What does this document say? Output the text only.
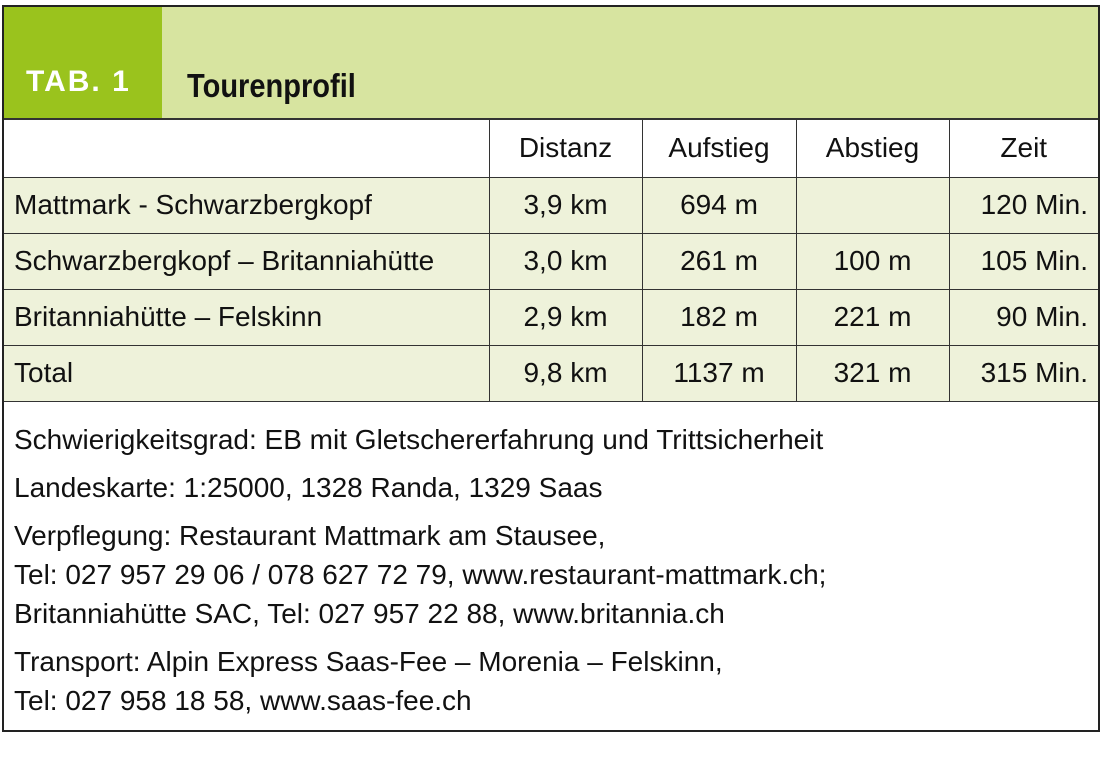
TAB. 1 Tourenprofil
	Distanz	Aufstieg	Abstieg	Zeit
Mattmark - Schwarzbergkopf	3,9 km	694 m		120 Min.
Schwarzbergkopf – Britanniahütte	3,0 km	261 m	100 m	105 Min.
Britanniahütte – Felskinn	2,9 km	182 m	221 m	90 Min.
Total	9,8 km	1137 m	321 m	315 Min.
Schwierigkeitsgrad: EB mit Gletschererfahrung und Trittsicherheit
Landeskarte: 1:25000, 1328 Randa, 1329 Saas
Verpflegung: Restaurant Mattmark am Stausee,
Tel: 027 957 29 06 / 078 627 72 79, www.restaurant-mattmark.ch;
Britanniahütte SAC, Tel: 027 957 22 88, www.britannia.ch
Transport: Alpin Express Saas-Fee – Morenia – Felskinn,
Tel: 027 958 18 58, www.saas-fee.ch
